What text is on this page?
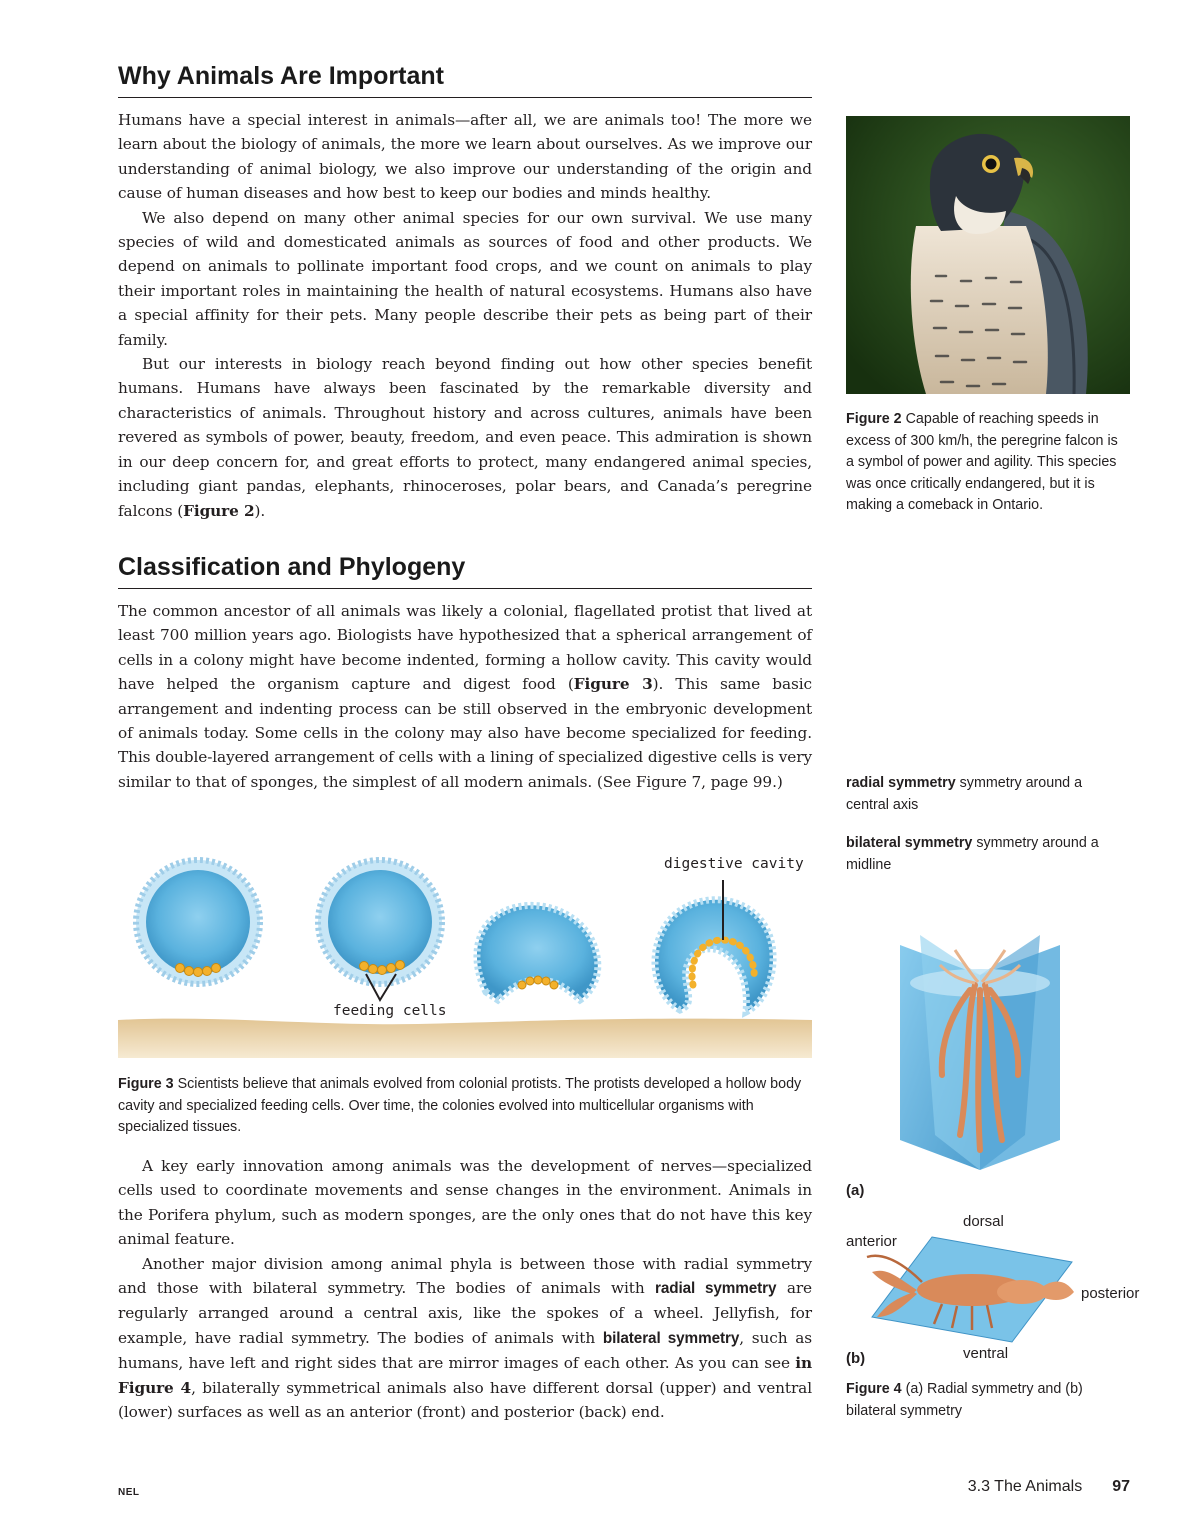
Why Animals Are Important

Humans have a special interest in animals—after all, we are animals too! The more we learn about the biology of animals, the more we learn about ourselves. As we improve our understanding of animal biology, we also improve our understanding of the origin and cause of human diseases and how best to keep our bodies and minds healthy.

We also depend on many other animal species for our own survival. We use many species of wild and domesticated animals as sources of food and other products. We depend on animals to pollinate important food crops, and we count on animals to play their important roles in maintaining the health of natural ecosystems. Humans also have a special affinity for their pets. Many people describe their pets as being part of their family.

But our interests in biology reach beyond finding out how other species benefit humans. Humans have always been fascinated by the remarkable diversity and characteristics of animals. Throughout history and across cultures, animals have been revered as symbols of power, beauty, freedom, and even peace. This admiration is shown in our deep concern for, and great efforts to protect, many endangered animal species, including giant pandas, elephants, rhinoceroses, polar bears, and Canada’s peregrine falcons (Figure 2).

Classification and Phylogeny

The common ancestor of all animals was likely a colonial, flagellated protist that lived at least 700 million years ago. Biologists have hypothesized that a spherical arrangement of cells in a colony might have become indented, forming a hollow cavity. This cavity would have helped the organism capture and digest food (Figure 3). This same basic arrangement and indenting process can be still observed in the embryonic development of animals today. Some cells in the colony may also have become specialized for feeding. This double-layered arrangement of cells with a lining of specialized digestive cells is very similar to that of sponges, the simplest of all modern animals. (See Figure 7, page 99.)

digestive cavity
feeding cells
Figure 3 Scientists believe that animals evolved from colonial protists. The protists developed a hollow body cavity and specialized feeding cells. Over time, the colonies evolved into multicellular organisms with specialized tissues.

A key early innovation among animals was the development of nerves—specialized cells used to coordinate movements and sense changes in the environment. Animals in the Porifera phylum, such as modern sponges, are the only ones that do not have this key animal feature.

Another major division among animal phyla is between those with radial symmetry and those with bilateral symmetry. The bodies of animals with radial symmetry are regularly arranged around a central axis, like the spokes of a wheel. Jellyfish, for example, have radial symmetry. The bodies of animals with bilateral symmetry, such as humans, have left and right sides that are mirror images of each other. As you can see in Figure 4, bilaterally symmetrical animals also have different dorsal (upper) and ventral (lower) surfaces as well as an anterior (front) and posterior (back) end.

Figure 2 Capable of reaching speeds in excess of 300 km/h, the peregrine falcon is a symbol of power and agility. This species was once critically endangered, but it is making a comeback in Ontario.
radial symmetry symmetry around a central axis
bilateral symmetry symmetry around a midline
(a)
dorsal
anterior
posterior
(b)	ventral
Figure 4 (a) Radial symmetry and (b) bilateral symmetry
NEL	3.3 The Animals 97
